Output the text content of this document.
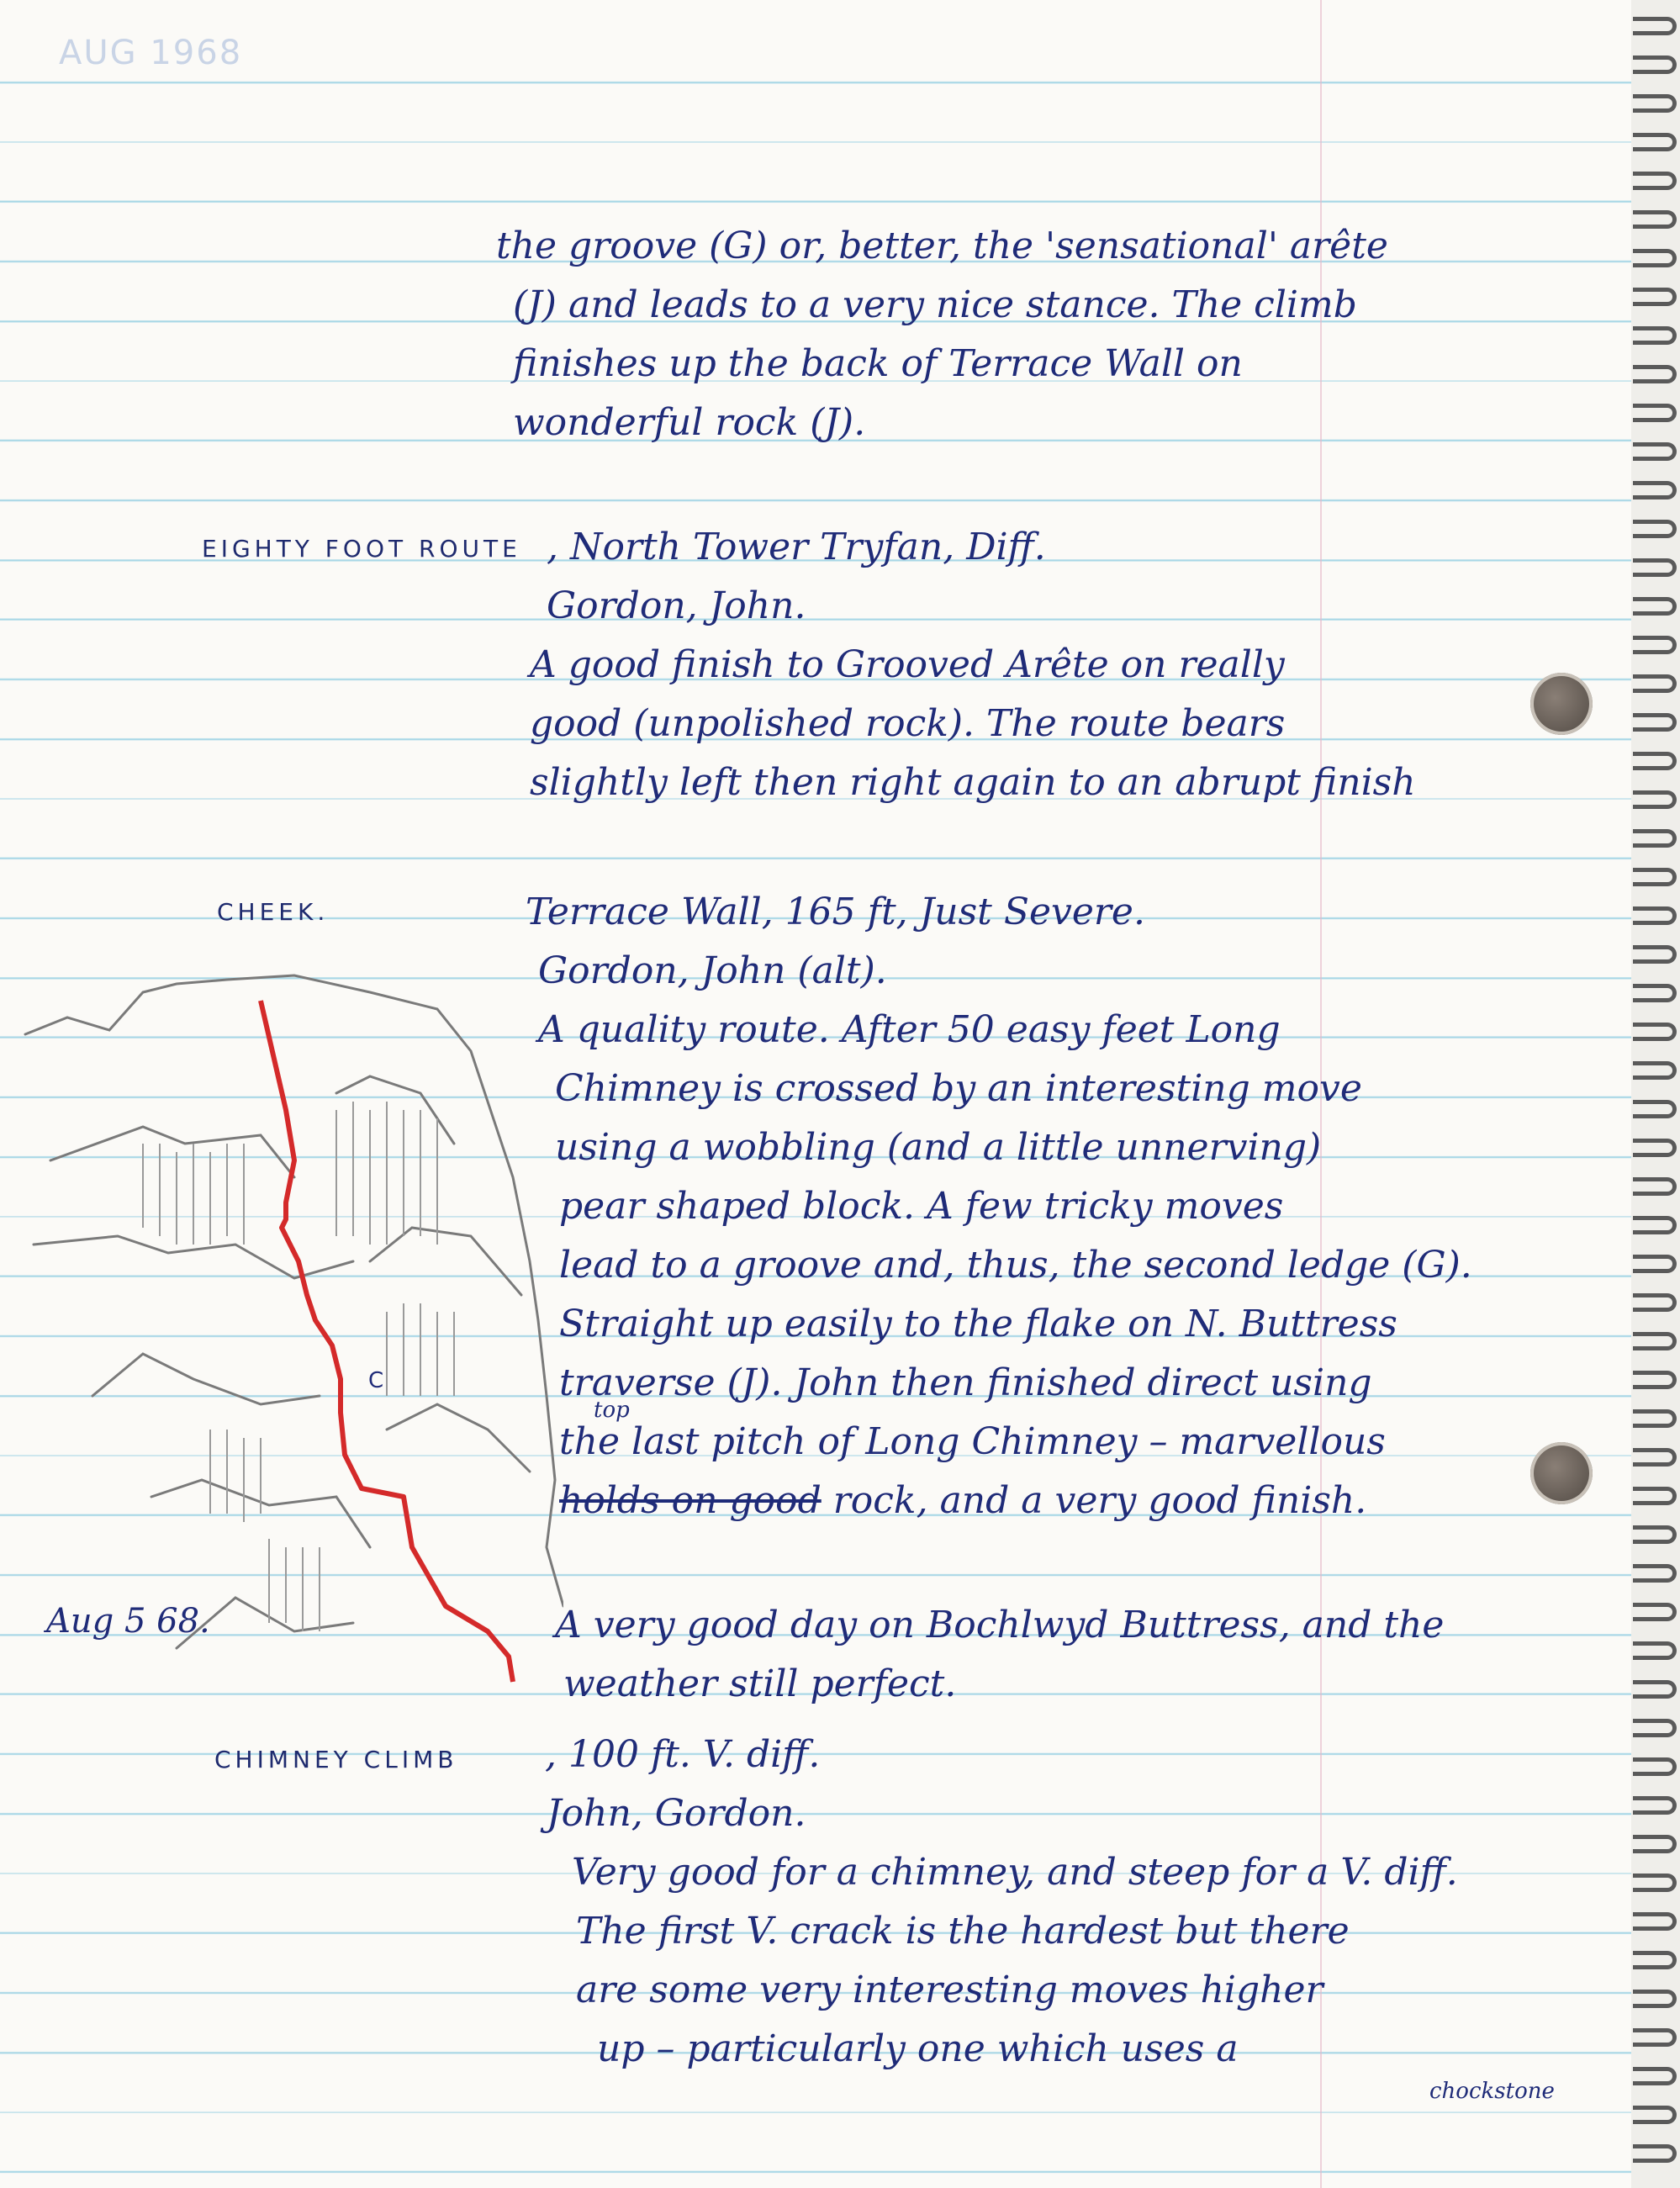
AUG 1968
the groove (G) or, better, the 'sensational' arête
(J) and leads to a very nice stance. The climb
finishes up the back of Terrace Wall on
wonderful rock (J).
EIGHTY FOOT ROUTE , North Tower Tryfan, Diff.
Gordon, John.
A good finish to Grooved Arête on really
good (unpolished rock). The route bears
slightly left then right again to an abrupt finish
CHEEK.	Terrace Wall, 165 ft, Just Severe.
Gordon, John (alt).
A quality route. After 50 easy feet Long
Chimney is crossed by an interesting move
using a wobbling (and a little unnerving)
pear shaped block. A few tricky moves
lead to a groove and, thus, the second ledge (G).
Straight up easily to the flake on N. Buttress
traverse (J). John then finished direct using
top
the last pitch of Long Chimney – marvellous
holds on good rock, and a very good finish.
Aug 5 68.	A very good day on Bochlwyd Buttress, and the
weather still perfect.
CHIMNEY CLIMB , 100 ft. V. diff.
John, Gordon.
Very good for a chimney, and steep for a V. diff.
The first V. crack is the hardest but there
are some very interesting moves higher
up – particularly one which uses a
chockstone
C
